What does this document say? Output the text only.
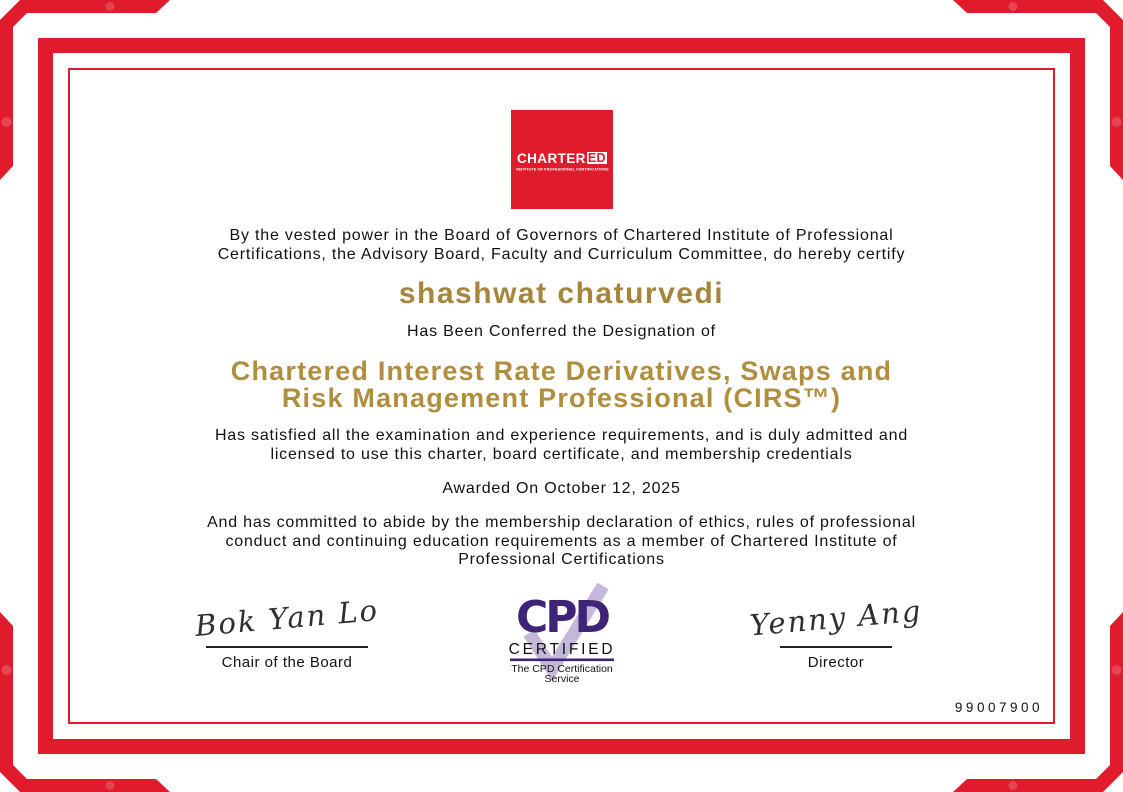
CHARTER ED
INSTITUTE OF PROFESSIONAL CERTIFICATIONS
By the vested power in the Board of Governors of Chartered Institute of Professional
Certifications, the Advisory Board, Faculty and Curriculum Committee, do hereby certify
shashwat chaturvedi
Has Been Conferred the Designation of
Chartered Interest Rate Derivatives, Swaps and
Risk Management Professional (CIRS™)
Has satisfied all the examination and experience requirements, and is duly admitted and
licensed to use this charter, board certificate, and membership credentials
Awarded On October 12, 2025
And has committed to abide by the membership declaration of ethics, rules of professional
conduct and continuing education requirements as a member of Chartered Institute of
Professional Certifications
Bok Yan Lo
Chair of the Board
CPD
CERTIFIED
The CPD Certification
Service
Yenny Ang
Director
99007900
